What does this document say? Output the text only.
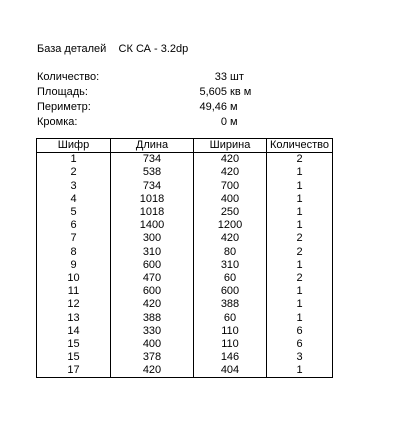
База деталей    СК СА - 3.2dp
Количество:	33 шт
Площадь:	5,605 кв м
Периметр:	49,46 м
Кромка:	0 м
Шифр	Длина	Ширина	Количество
1	734	420	2
2	538	420	1
3	734	700	1
4	1018	400	1
5	1018	250	1
6	1400	1200	1
7	300	420	2
8	310	80	2
9	600	310	1
10	470	60	2
11	600	600	1
12	420	388	1
13	388	60	1
14	330	110	6
15	400	110	6
15	378	146	3
17	420	404	1
